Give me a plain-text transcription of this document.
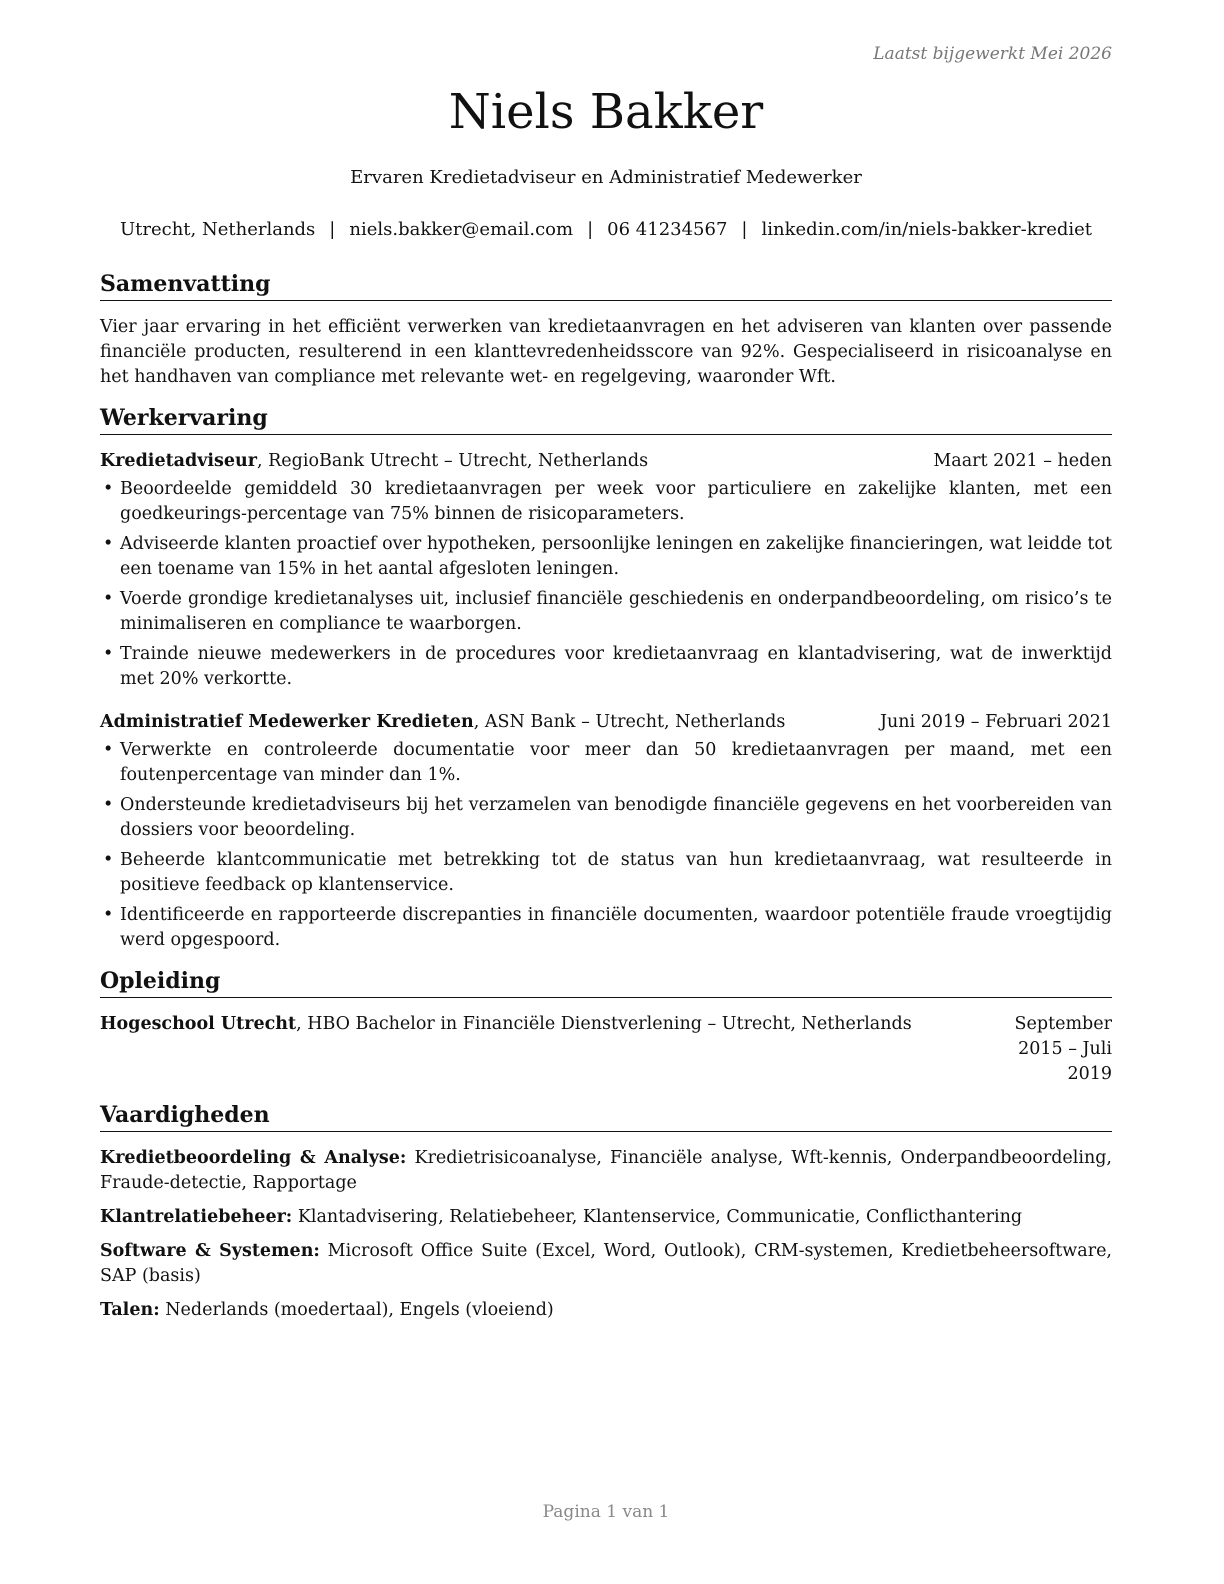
Laatst bijgewerkt Mei 2026
Niels Bakker
Ervaren Kredietadviseur en Administratief Medewerker
Utrecht, Netherlands | niels.bakker@email.com | 06 41234567 | linkedin.com/in/niels-bakker-krediet
Samenvatting
Vier jaar ervaring in het efficiënt verwerken van kredietaanvragen en het adviseren van klanten over passende financiële producten, resulterend in een klanttevredenheidsscore van 92%. Gespecialiseerd in risicoanalyse en het handhaven van compliance met relevante wet- en regelgeving, waaronder Wft.
Werkervaring
Kredietadviseur, RegioBank Utrecht – Utrecht, Netherlands	Maart 2021 – heden
• Beoordeelde gemiddeld 30 kredietaanvragen per week voor particuliere en zakelijke klanten, met een goedkeurings-percentage van 75% binnen de risicoparameters.
• Adviseerde klanten proactief over hypotheken, persoonlijke leningen en zakelijke financieringen, wat leidde tot een toename van 15% in het aantal afgesloten leningen.
• Voerde grondige kredietanalyses uit, inclusief financiële geschiedenis en onderpandbeoordeling, om risico’s te minimaliseren en compliance te waarborgen.
• Trainde nieuwe medewerkers in de procedures voor kredietaanvraag en klantadvisering, wat de inwerktijd met 20% verkortte.
Administratief Medewerker Kredieten, ASN Bank – Utrecht, Netherlands	Juni 2019 – Februari 2021
• Verwerkte en controleerde documentatie voor meer dan 50 kredietaanvragen per maand, met een foutenpercentage van minder dan 1%.
• Ondersteunde kredietadviseurs bij het verzamelen van benodigde financiële gegevens en het voorbereiden van dossiers voor beoordeling.
• Beheerde klantcommunicatie met betrekking tot de status van hun kredietaanvraag, wat resulteerde in positieve feedback op klantenservice.
• Identificeerde en rapporteerde discrepanties in financiële documenten, waardoor potentiële fraude vroegtijdig werd opgespoord.
Opleiding
Hogeschool Utrecht, HBO Bachelor in Financiële Dienstverlening – Utrecht, Netherlands	September 2015 – Juli 2019
Vaardigheden
Kredietbeoordeling & Analyse: Kredietrisicoanalyse, Financiële analyse, Wft-kennis, Onderpandbeoordeling, Fraude-detectie, Rapportage
Klantrelatiebeheer: Klantadvisering, Relatiebeheer, Klantenservice, Communicatie, Conflicthantering
Software & Systemen: Microsoft Office Suite (Excel, Word, Outlook), CRM-systemen, Kredietbeheersoftware, SAP (basis)
Talen: Nederlands (moedertaal), Engels (vloeiend)
Pagina 1 van 1
